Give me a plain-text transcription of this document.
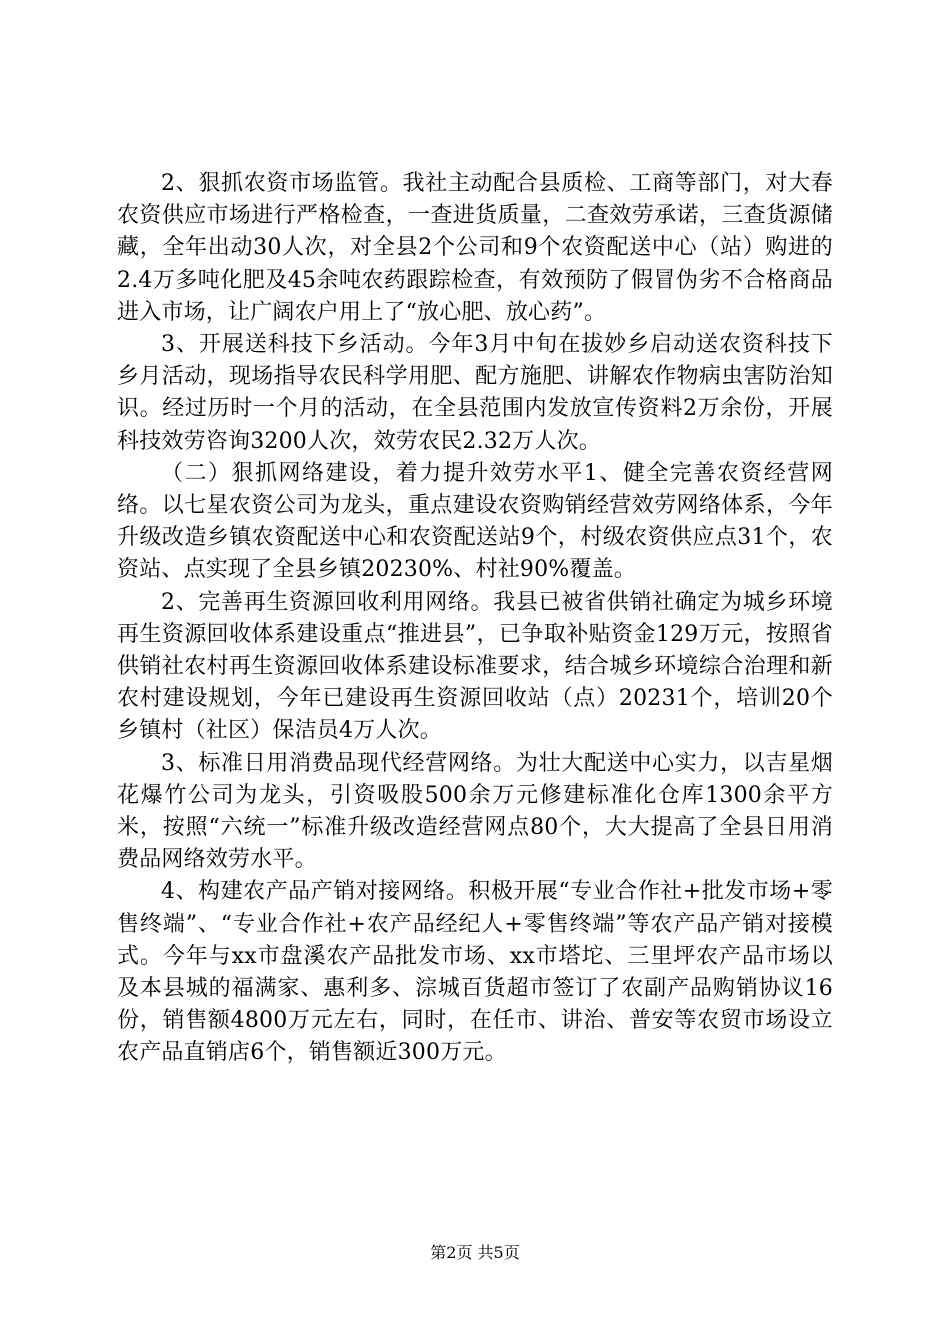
2、狠抓农资市场监管。我社主动配合县质检、工商等部门，对大春农资供应市场进行严格检查，一查进货质量，二查效劳承诺，三查货源储藏，全年出动30人次，对全县2个公司和9个农资配送中心（站）购进的2.4万多吨化肥及45余吨农药跟踪检查，有效预防了假冒伪劣不合格商品进入市场，让广阔农户用上了“放心肥、放心药”。

3、开展送科技下乡活动。今年3月中旬在拔妙乡启动送农资科技下乡月活动，现场指导农民科学用肥、配方施肥、讲解农作物病虫害防治知识。经过历时一个月的活动，在全县范围内发放宣传资料2万余份，开展科技效劳咨询3200人次，效劳农民2.32万人次。

（二）狠抓网络建设，着力提升效劳水平1、健全完善农资经营网络。以七星农资公司为龙头，重点建设农资购销经营效劳网络体系，今年升级改造乡镇农资配送中心和农资配送站9个，村级农资供应点31个，农资站、点实现了全县乡镇20230%、村社90%覆盖。

2、完善再生资源回收利用网络。我县已被省供销社确定为城乡环境再生资源回收体系建设重点“推进县”，已争取补贴资金129万元，按照省供销社农村再生资源回收体系建设标准要求，结合城乡环境综合治理和新农村建设规划，今年已建设再生资源回收站（点）20231个，培训20个乡镇村（社区）保洁员4万人次。

3、标准日用消费品现代经营网络。为壮大配送中心实力，以吉星烟花爆竹公司为龙头，引资吸股500余万元修建标准化仓库1300余平方米，按照“六统一”标准升级改造经营网点80个，大大提高了全县日用消费品网络效劳水平。

4、构建农产品产销对接网络。积极开展“专业合作社+批发市场+零售终端”、“专业合作社+农产品经纪人+零售终端”等农产品产销对接模式。今年与xx市盘溪农产品批发市场、xx市塔坨、三里坪农产品市场以及本县城的福满家、惠利多、淙城百货超市签订了农副产品购销协议16份，销售额4800万元左右，同时，在任市、讲治、普安等农贸市场设立农产品直销店6个，销售额近300万元。

第2页 共5页
